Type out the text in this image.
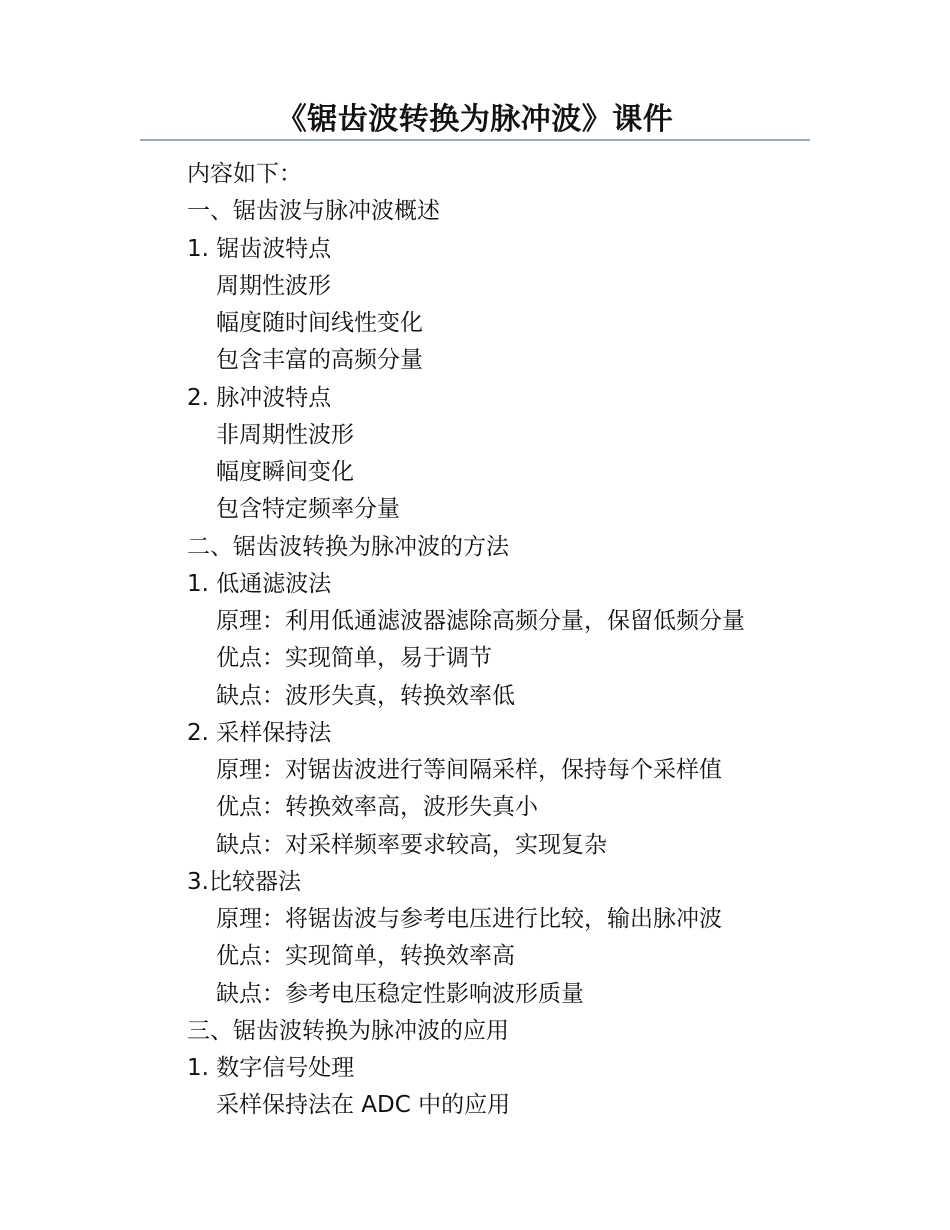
《锯齿波转换为脉冲波》课件
内容如下：
一、锯齿波与脉冲波概述
1. 锯齿波特点
周期性波形
幅度随时间线性变化
包含丰富的高频分量
2. 脉冲波特点
非周期性波形
幅度瞬间变化
包含特定频率分量
二、锯齿波转换为脉冲波的方法
1. 低通滤波法
原理：利用低通滤波器滤除高频分量，保留低频分量
优点：实现简单，易于调节
缺点：波形失真，转换效率低
2. 采样保持法
原理：对锯齿波进行等间隔采样，保持每个采样值
优点：转换效率高，波形失真小
缺点：对采样频率要求较高，实现复杂
3.比较器法
原理：将锯齿波与参考电压进行比较，输出脉冲波
优点：实现简单，转换效率高
缺点：参考电压稳定性影响波形质量
三、锯齿波转换为脉冲波的应用
1. 数字信号处理
采样保持法在 ADC 中的应用
